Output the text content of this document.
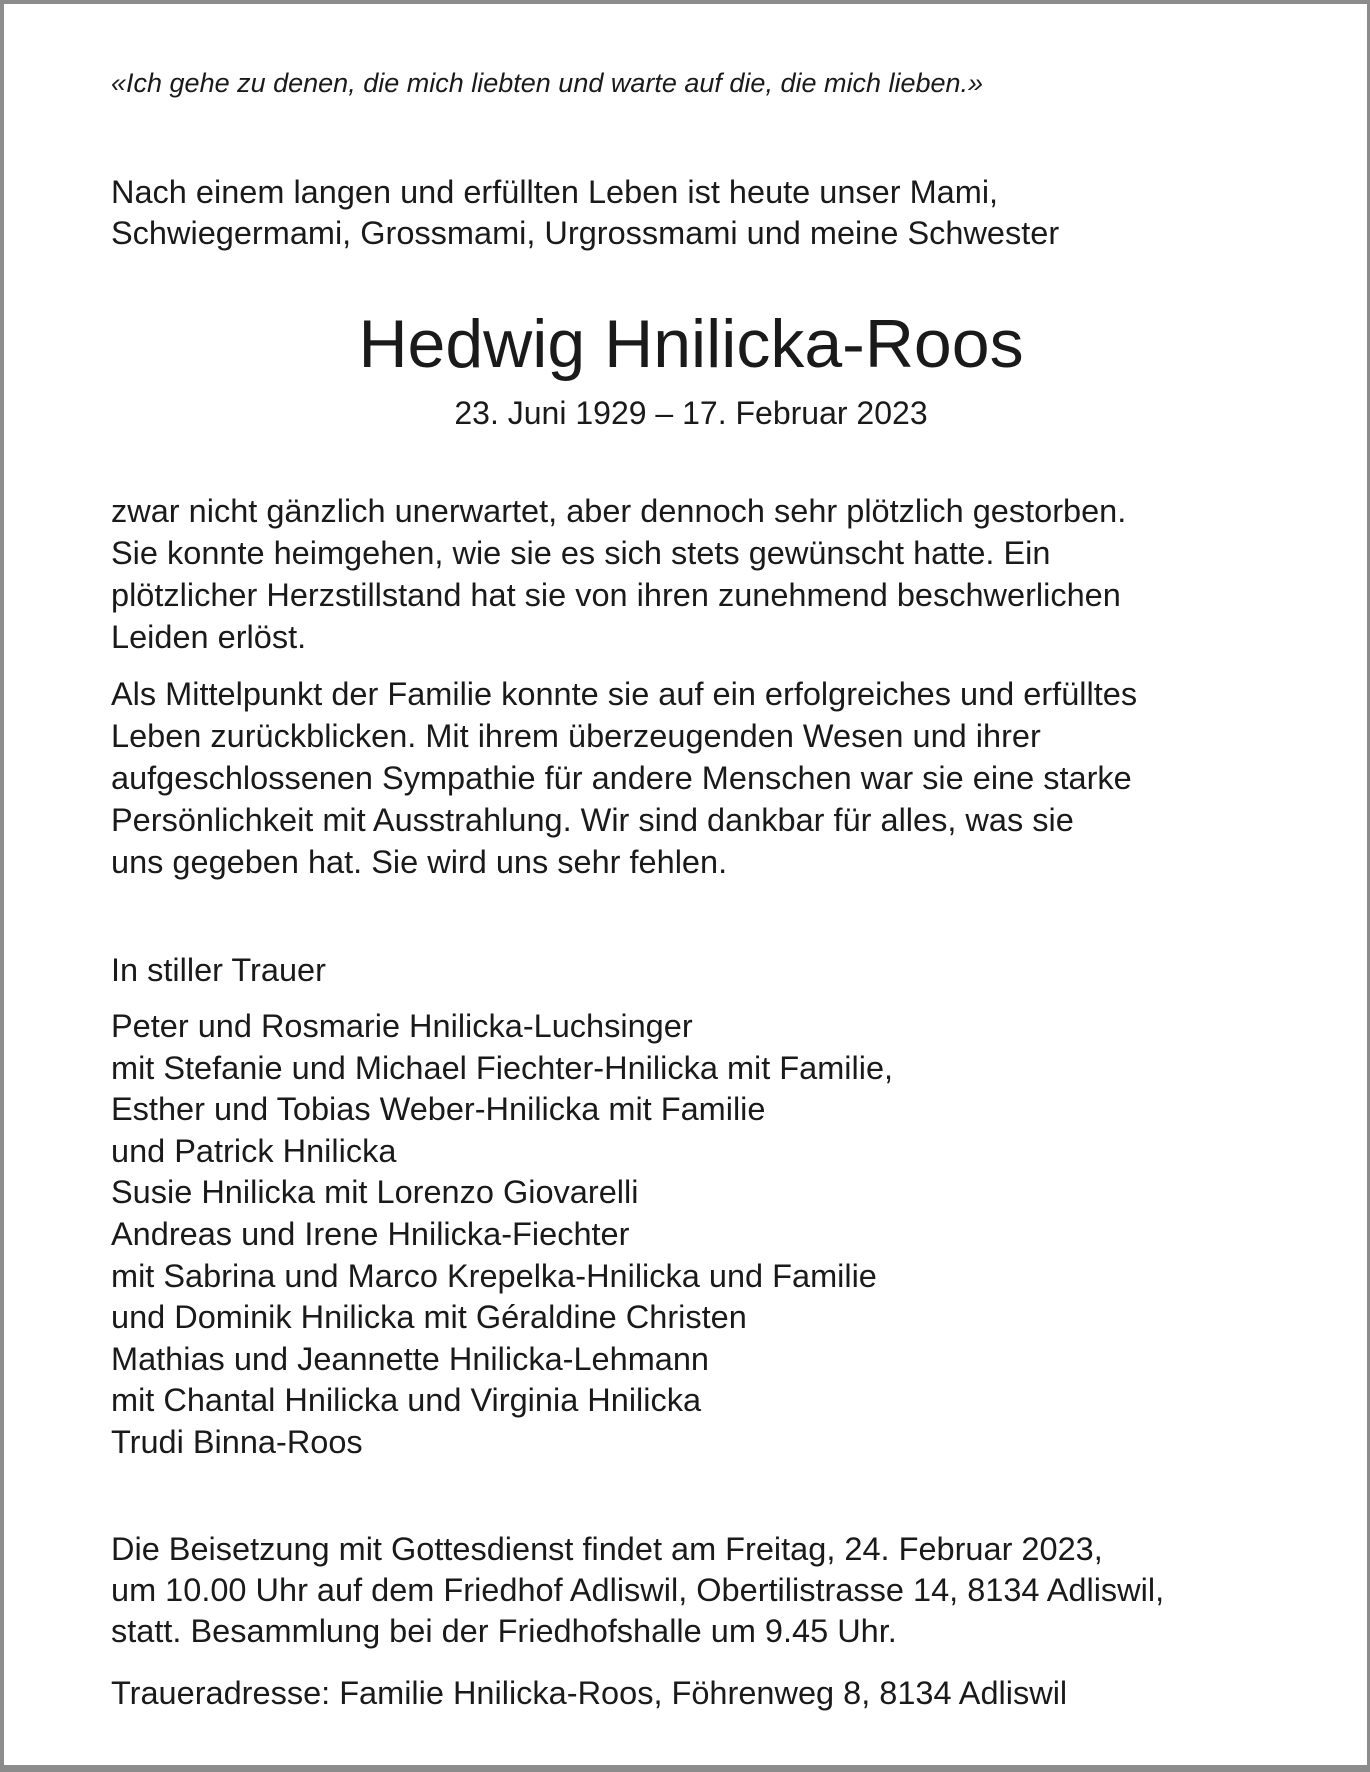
«Ich gehe zu denen, die mich liebten und warte auf die, die mich lieben.»
Nach einem langen und erfüllten Leben ist heute unser Mami,
Schwiegermami, Grossmami, Urgrossmami und meine Schwester
Hedwig Hnilicka-Roos
23. Juni 1929 – 17. Februar 2023
zwar nicht gänzlich unerwartet, aber dennoch sehr plötzlich gestorben.
Sie konnte heimgehen, wie sie es sich stets gewünscht hatte. Ein
plötzlicher Herzstillstand hat sie von ihren zunehmend beschwerlichen
Leiden erlöst.
Als Mittelpunkt der Familie konnte sie auf ein erfolgreiches und erfülltes
Leben zurückblicken. Mit ihrem überzeugenden Wesen und ihrer
aufgeschlossenen Sympathie für andere Menschen war sie eine starke
Persönlichkeit mit Ausstrahlung. Wir sind dankbar für alles, was sie
uns gegeben hat. Sie wird uns sehr fehlen.
In stiller Trauer
Peter und Rosmarie Hnilicka-Luchsinger
mit Stefanie und Michael Fiechter-Hnilicka mit Familie,
Esther und Tobias Weber-Hnilicka mit Familie
und Patrick Hnilicka
Susie Hnilicka mit Lorenzo Giovarelli
Andreas und Irene Hnilicka-Fiechter
mit Sabrina und Marco Krepelka-Hnilicka und Familie
und Dominik Hnilicka mit Géraldine Christen
Mathias und Jeannette Hnilicka-Lehmann
mit Chantal Hnilicka und Virginia Hnilicka
Trudi Binna-Roos
Die Beisetzung mit Gottesdienst findet am Freitag, 24. Februar 2023,
um 10.00 Uhr auf dem Friedhof Adliswil, Obertilistrasse 14, 8134 Adliswil,
statt. Besammlung bei der Friedhofshalle um 9.45 Uhr.
Traueradresse: Familie Hnilicka-Roos, Föhrenweg 8, 8134 Adliswil
